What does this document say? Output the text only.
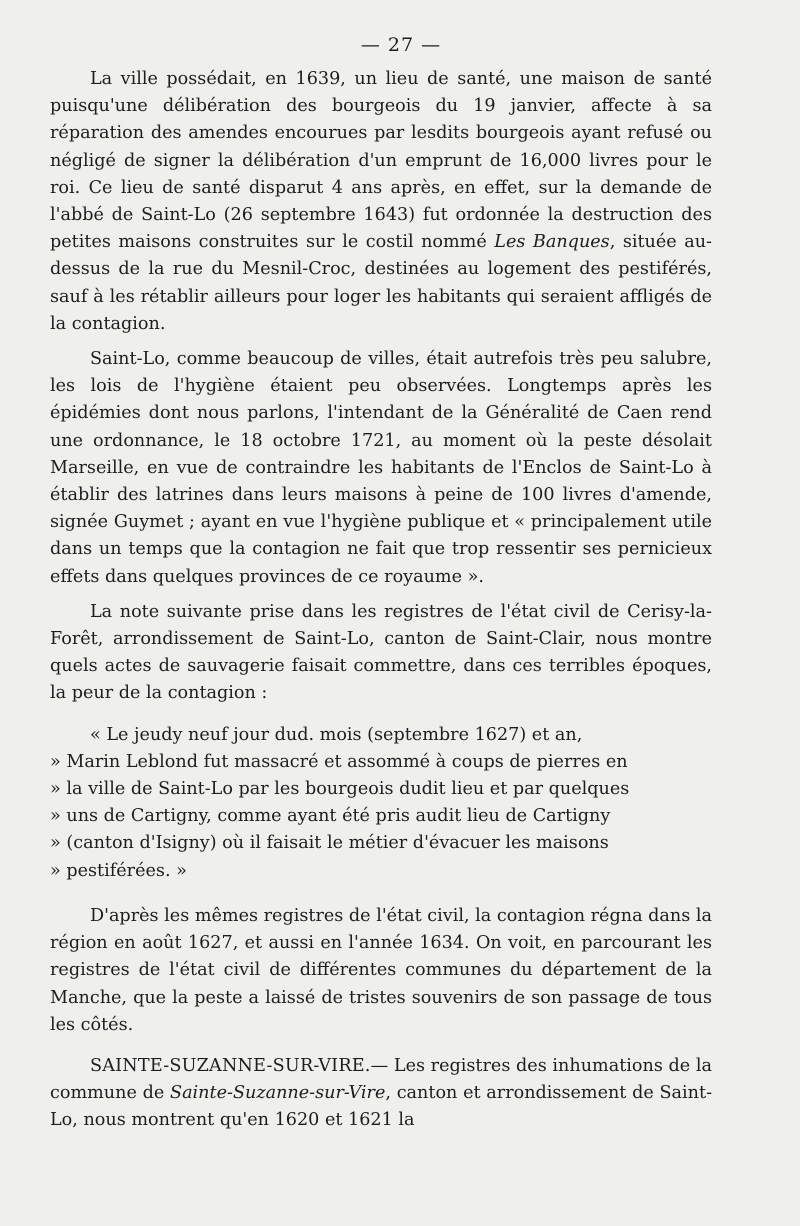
— 27 —

La ville possédait, en 1639, un lieu de santé, une maison de santé puisqu'une délibération des bourgeois du 19 janvier, affecte à sa réparation des amendes encourues par lesdits bourgeois ayant refusé ou négligé de signer la délibération d'un emprunt de 16,000 livres pour le roi. Ce lieu de santé disparut 4 ans après, en effet, sur la demande de l'abbé de Saint-Lo (26 septembre 1643) fut ordonnée la destruction des petites maisons construites sur le costil nommé Les Banques, située au-dessus de la rue du Mesnil-Croc, destinées au logement des pestiférés, sauf à les rétablir ailleurs pour loger les habitants qui seraient affligés de la contagion.

Saint-Lo, comme beaucoup de villes, était autrefois très peu salubre, les lois de l'hygiène étaient peu observées. Longtemps après les épidémies dont nous parlons, l'intendant de la Généralité de Caen rend une ordonnance, le 18 octobre 1721, au moment où la peste désolait Marseille, en vue de contraindre les habitants de l'Enclos de Saint-Lo à établir des latrines dans leurs maisons à peine de 100 livres d'amende, signée Guymet ; ayant en vue l'hygiène publique et « principalement utile dans un temps que la contagion ne fait que trop ressentir ses pernicieux effets dans quelques provinces de ce royaume ».

La note suivante prise dans les registres de l'état civil de Cerisy-la-Forêt, arrondissement de Saint-Lo, canton de Saint-Clair, nous montre quels actes de sauvagerie faisait commettre, dans ces terribles époques, la peur de la contagion :

« Le jeudy neuf jour dud. mois (septembre 1627) et an,
» Marin Leblond fut massacré et assommé à coups de pierres en
» la ville de Saint-Lo par les bourgeois dudit lieu et par quelques
» uns de Cartigny, comme ayant été pris audit lieu de Cartigny
» (canton d'Isigny) où il faisait le métier d'évacuer les maisons
» pestiférées. »

D'après les mêmes registres de l'état civil, la contagion régna dans la région en août 1627, et aussi en l'année 1634. On voit, en parcourant les registres de l'état civil de différentes communes du département de la Manche, que la peste a laissé de tristes souvenirs de son passage de tous les côtés.

SAINTE-SUZANNE-SUR-VIRE.— Les registres des inhumations de la commune de Sainte-Suzanne-sur-Vire, canton et arrondissement de Saint-Lo, nous montrent qu'en 1620 et 1621 la
